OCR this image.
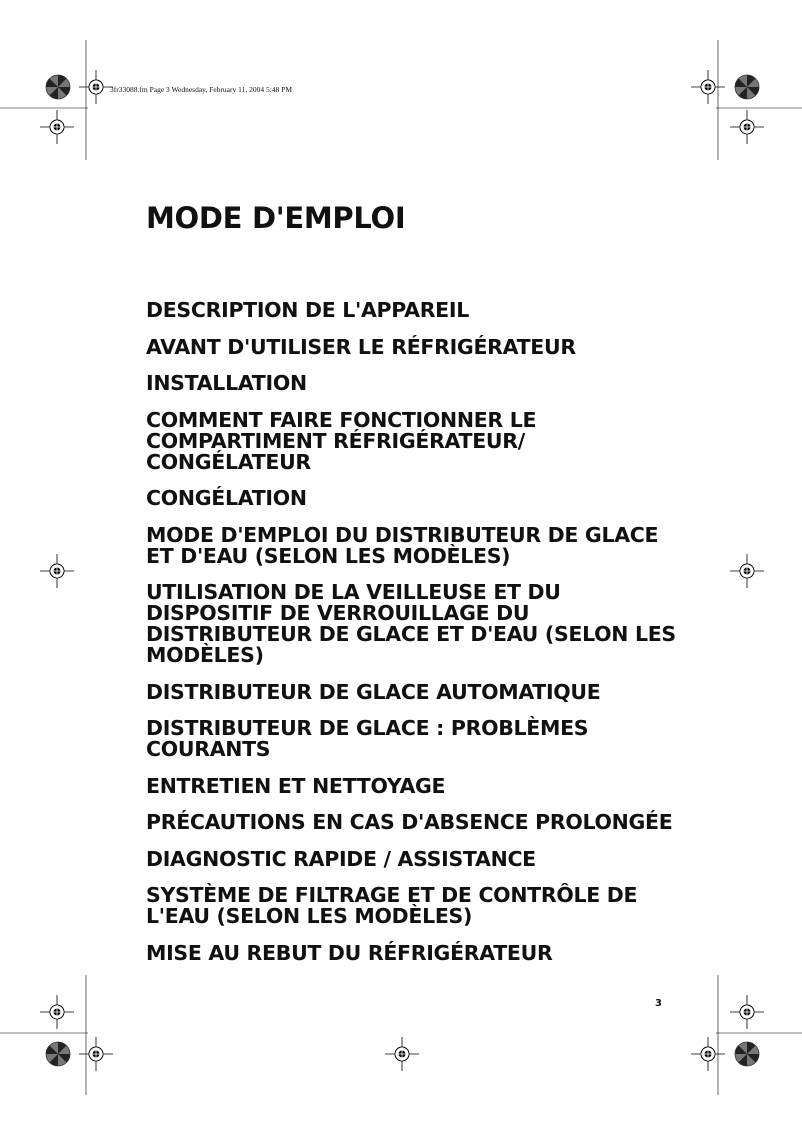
3fr33088.fm Page 3 Wednesday, February 11, 2004 5:48 PM
MODE D'EMPLOI
DESCRIPTION DE L'APPAREIL
AVANT D'UTILISER LE RÉFRIGÉRATEUR
INSTALLATION
COMMENT FAIRE FONCTIONNER LE COMPARTIMENT RÉFRIGÉRATEUR/ CONGÉLATEUR
CONGÉLATION
MODE D'EMPLOI DU DISTRIBUTEUR DE GLACE ET D'EAU (SELON LES MODÈLES)
UTILISATION DE LA VEILLEUSE ET DU DISPOSITIF DE VERROUILLAGE DU DISTRIBUTEUR DE GLACE ET D'EAU (SELON LES MODÈLES)
DISTRIBUTEUR DE GLACE AUTOMATIQUE
DISTRIBUTEUR DE GLACE : PROBLÈMES COURANTS
ENTRETIEN ET NETTOYAGE
PRÉCAUTIONS EN CAS D'ABSENCE PROLONGÉE
DIAGNOSTIC RAPIDE / ASSISTANCE
SYSTÈME DE FILTRAGE ET DE CONTRÔLE DE L'EAU (SELON LES MODÈLES)
MISE AU REBUT DU RÉFRIGÉRATEUR
3
